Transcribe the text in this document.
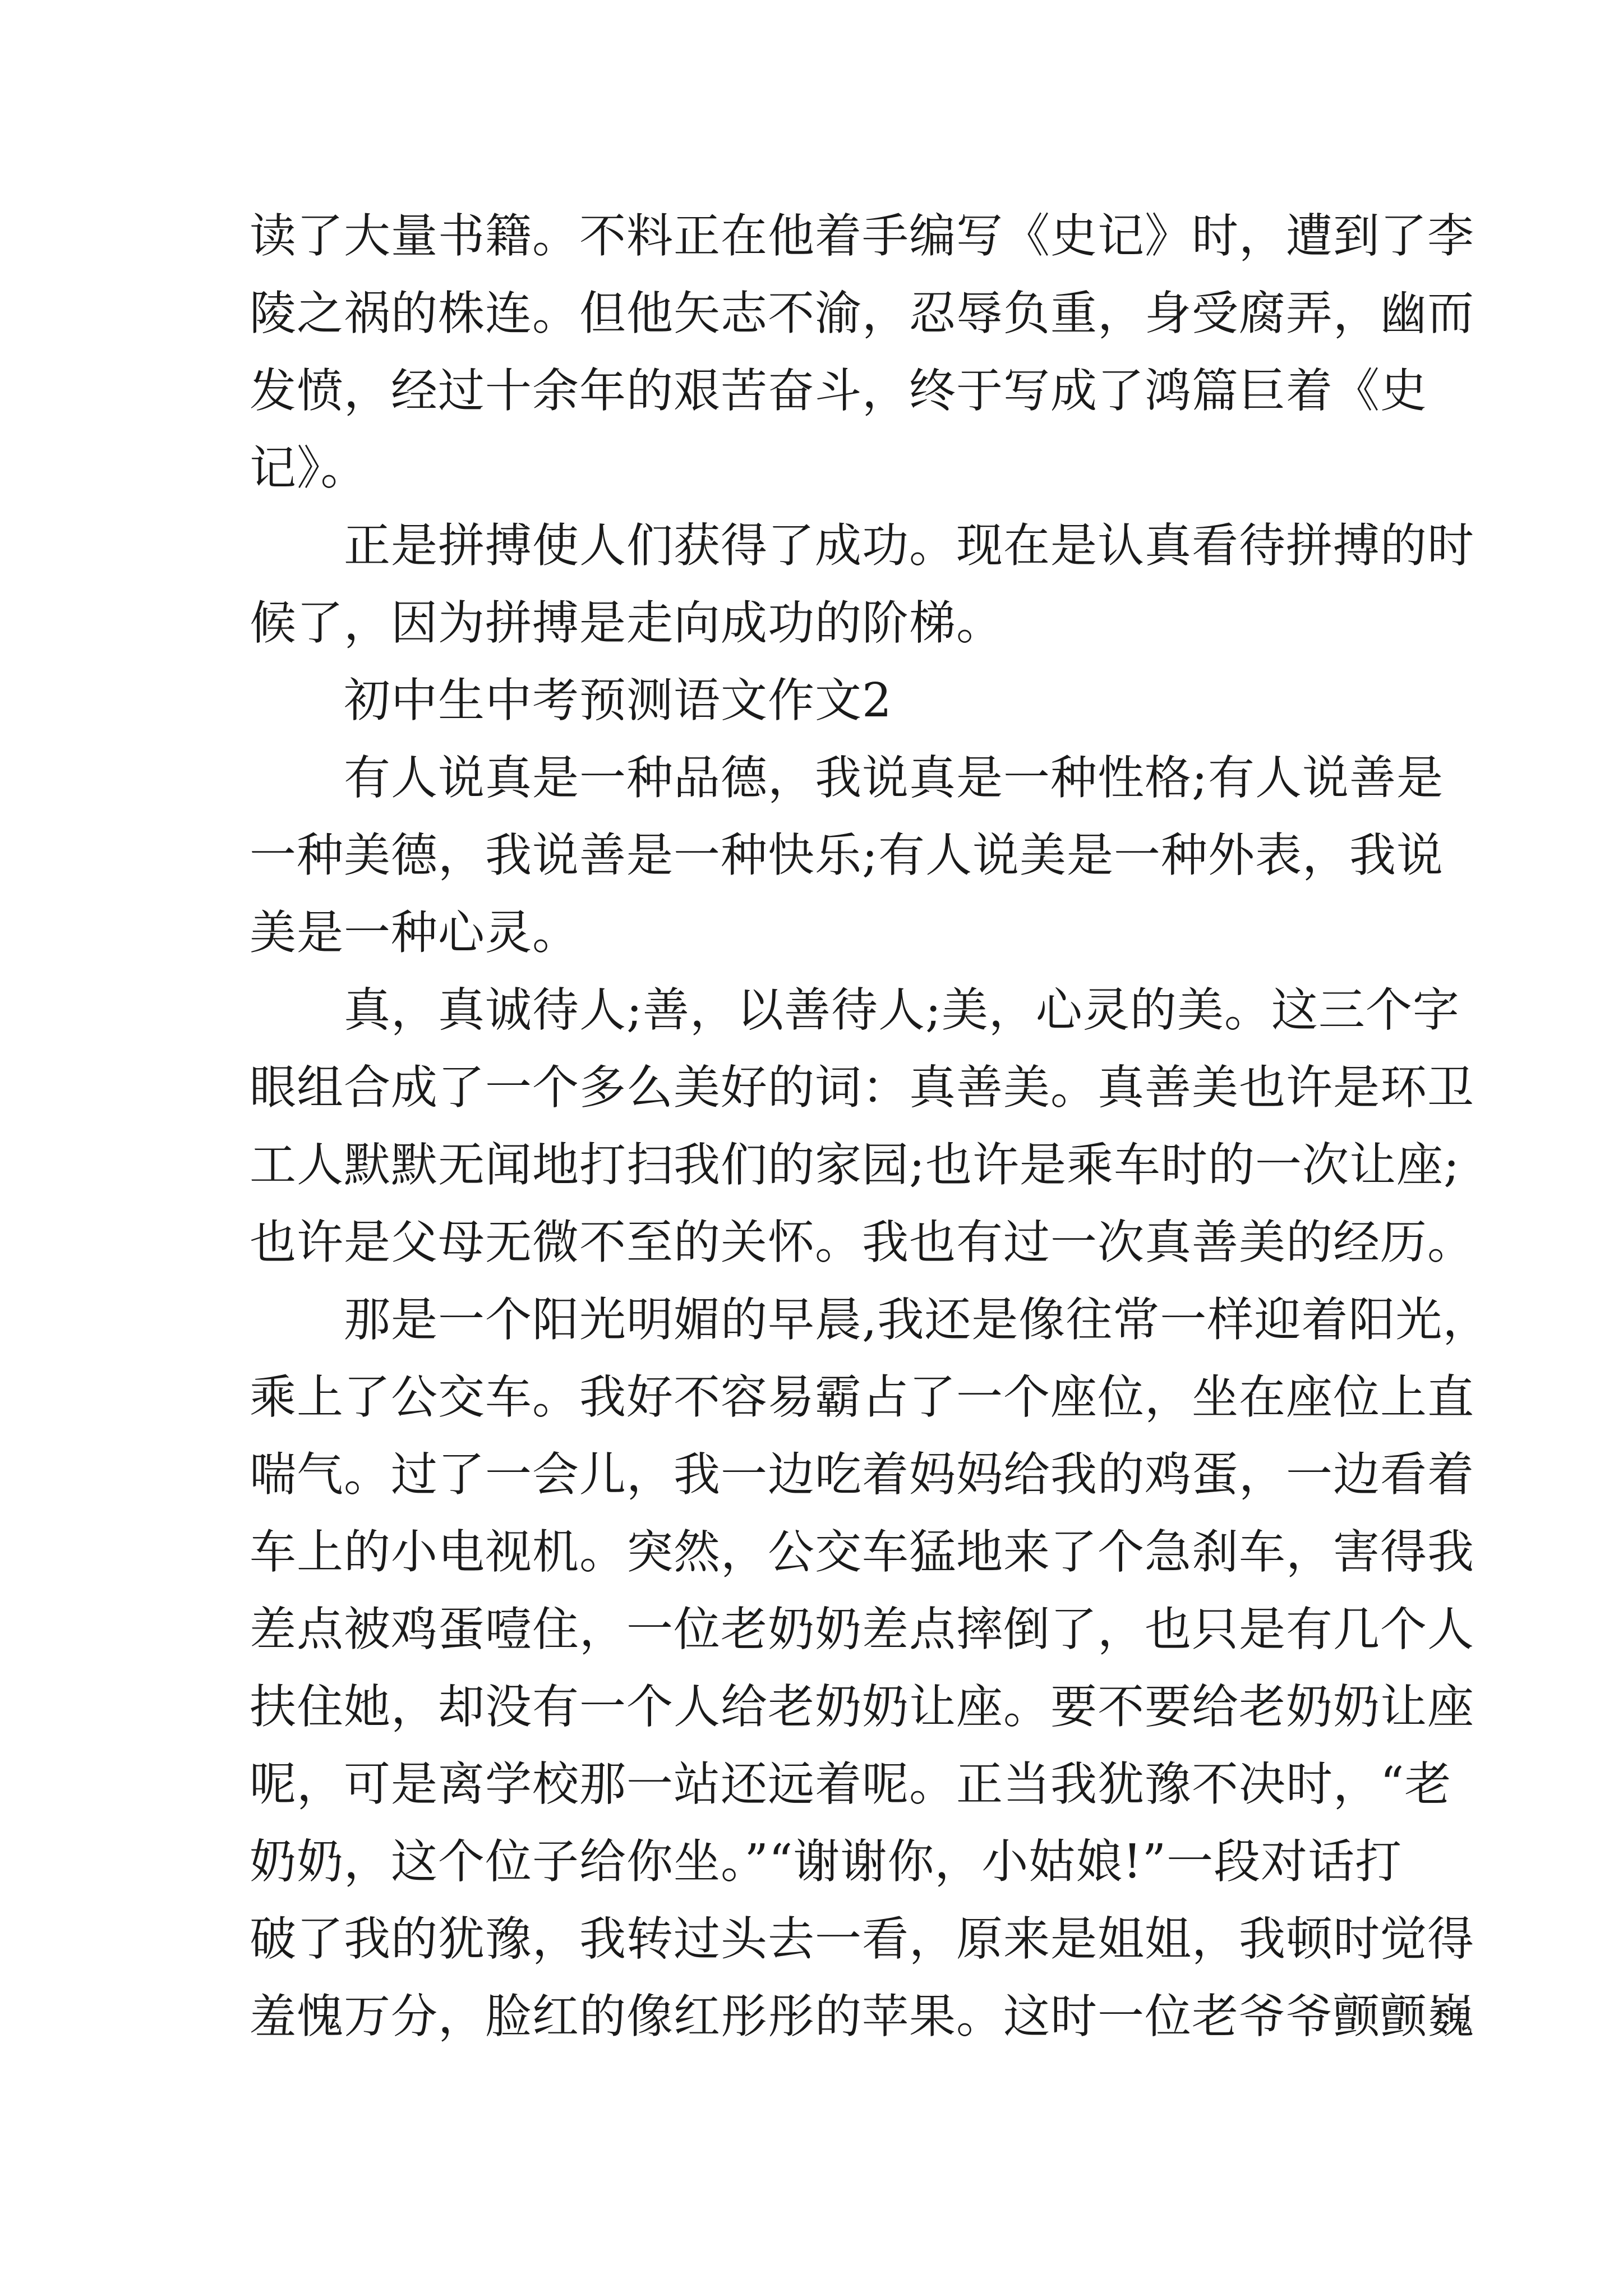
读了大量书籍。不料正在他着手编写《史记》时，遭到了李
陵之祸的株连。但他矢志不渝，忍辱负重，身受腐弄，幽而
发愤，经过十余年的艰苦奋斗，终于写成了鸿篇巨着《史
记》。

正是拼搏使人们获得了成功。现在是认真看待拼搏的时
候了，因为拼搏是走向成功的阶梯。

初中生中考预测语文作文2

有人说真是一种品德，我说真是一种性格;有人说善是
一种美德，我说善是一种快乐;有人说美是一种外表，我说
美是一种心灵。

真，真诚待人;善，以善待人;美，心灵的美。这三个字
眼组合成了一个多么美好的词：真善美。真善美也许是环卫
工人默默无闻地打扫我们的家园;也许是乘车时的一次让座;
也许是父母无微不至的关怀。我也有过一次真善美的经历。

那是一个阳光明媚的早晨,我还是像往常一样迎着阳光，
乘上了公交车。我好不容易霸占了一个座位，坐在座位上直
喘气。过了一会儿，我一边吃着妈妈给我的鸡蛋，一边看着
车上的小电视机。突然，公交车猛地来了个急刹车，害得我
差点被鸡蛋噎住，一位老奶奶差点摔倒了，也只是有几个人
扶住她，却没有一个人给老奶奶让座。要不要给老奶奶让座
呢，可是离学校那一站还远着呢。正当我犹豫不决时，“老
奶奶，这个位子给你坐。”“谢谢你，小姑娘!”一段对话打
破了我的犹豫，我转过头去一看，原来是姐姐，我顿时觉得
羞愧万分，脸红的像红彤彤的苹果。这时一位老爷爷颤颤巍
